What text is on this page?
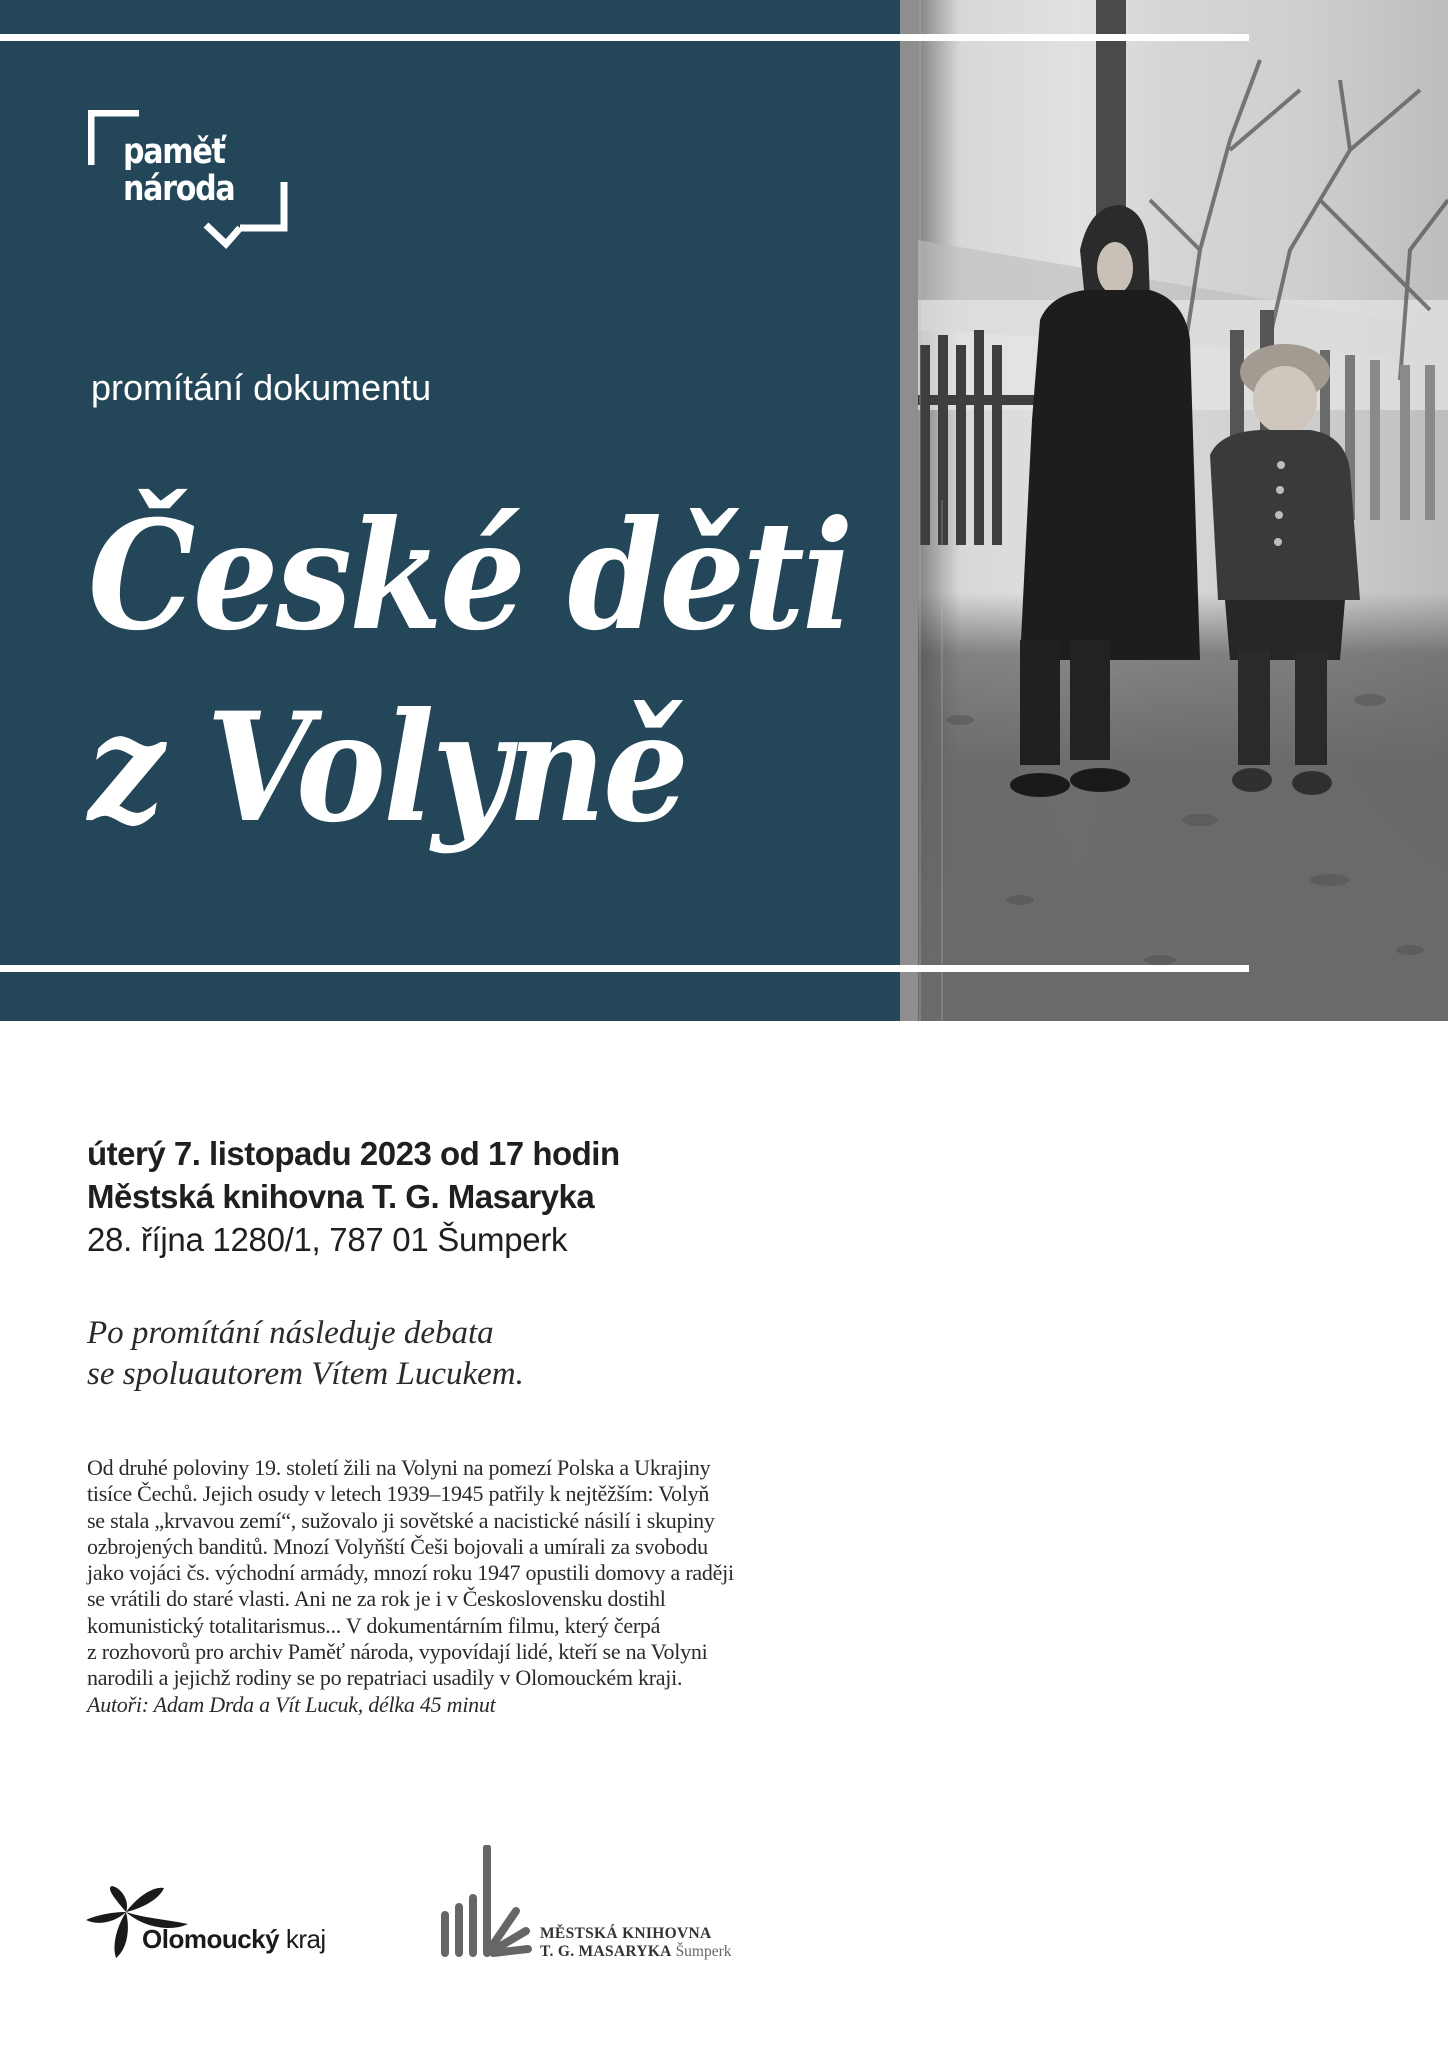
paměť
národa
promítání dokumentu
České děti
z Volyně
úterý 7. listopadu 2023 od 17 hodin
Městská knihovna T. G. Masaryka
28. října 1280/1, 787 01 Šumperk
Po promítání následuje debata
se spoluautorem Vítem Lucukem.
Od druhé poloviny 19. století žili na Volyni na pomezí Polska a Ukrajiny
tisíce Čechů. Jejich osudy v letech 1939–1945 patřily k nejtěžším: Volyň
se stala „krvavou zemí“, sužovalo ji sovětské a nacistické násilí i skupiny
ozbrojených banditů. Mnozí Volyňští Češi bojovali a umírali za svobodu
jako vojáci čs. východní armády, mnozí roku 1947 opustili domovy a raději
se vrátili do staré vlasti. Ani ne za rok je i v Československu dostihl
komunistický totalitarismus... V dokumentárním filmu, který čerpá
z rozhovorů pro archiv Paměť národa, vypovídají lidé, kteří se na Volyni
narodili a jejichž rodiny se po repatriaci usadily v Olomouckém kraji.
Autoři: Adam Drda a Vít Lucuk, délka 45 minut
Olomoucký kraj	MĚSTSKÁ KNIHOVNA
T. G. MASARYKA Šumperk
